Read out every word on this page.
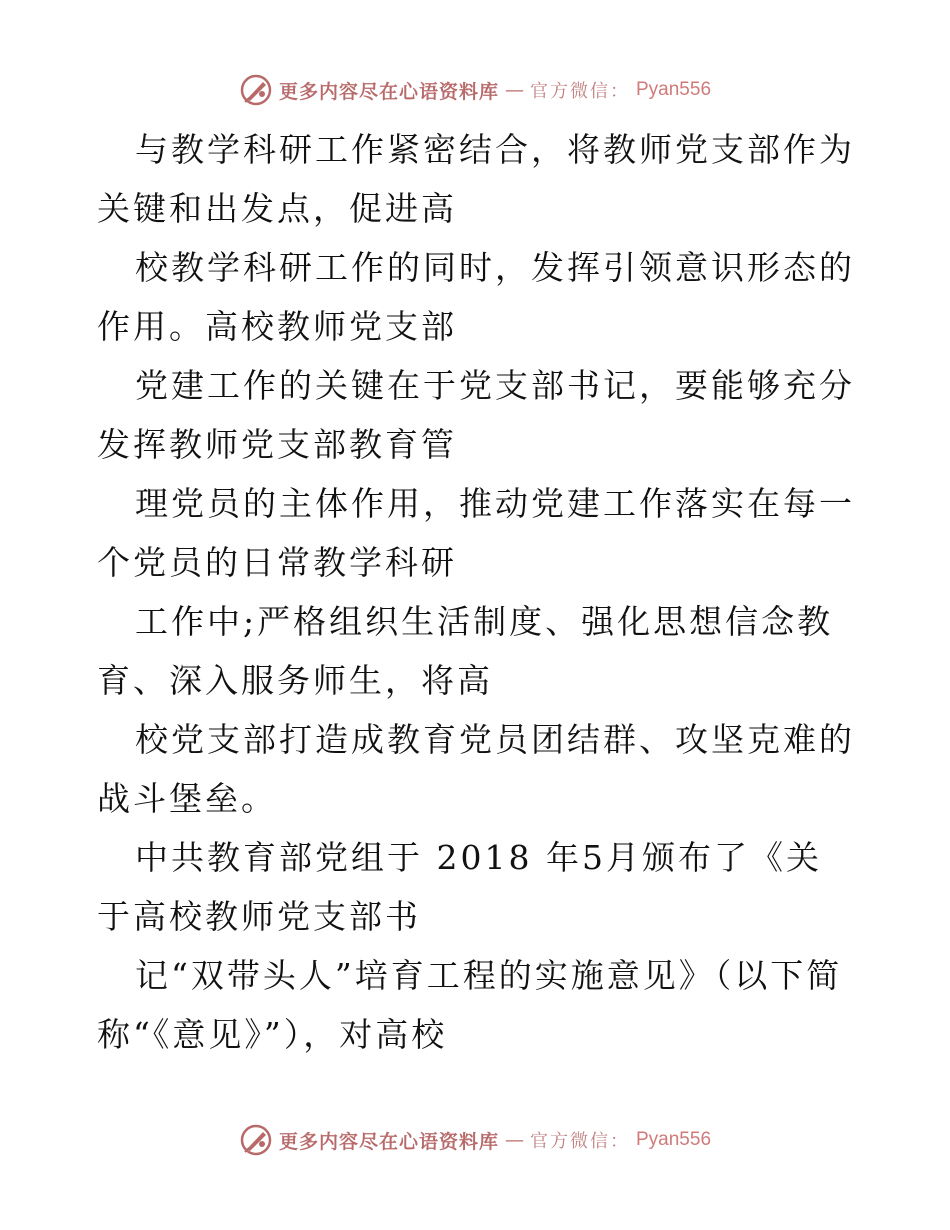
更多内容尽在心语资料库 — 官方微信： Pyan556

与教学科研工作紧密结合，将教师党支部作为关键和出发点，促进高

校教学科研工作的同时，发挥引领意识形态的作用。高校教师党支部

党建工作的关键在于党支部书记，要能够充分发挥教师党支部教育管

理党员的主体作用，推动党建工作落实在每一个党员的日常教学科研

工作中;严格组织生活制度、强化思想信念教育、深入服务师生，将高

校党支部打造成教育党员团结群、攻坚克难的战斗堡垒。

中共教育部党组于 2018 年5月颁布了《关于高校教师党支部书

记“双带头人”培育工程的实施意见》（以下简称“《意见》”），对高校

更多内容尽在心语资料库 — 官方微信： Pyan556
